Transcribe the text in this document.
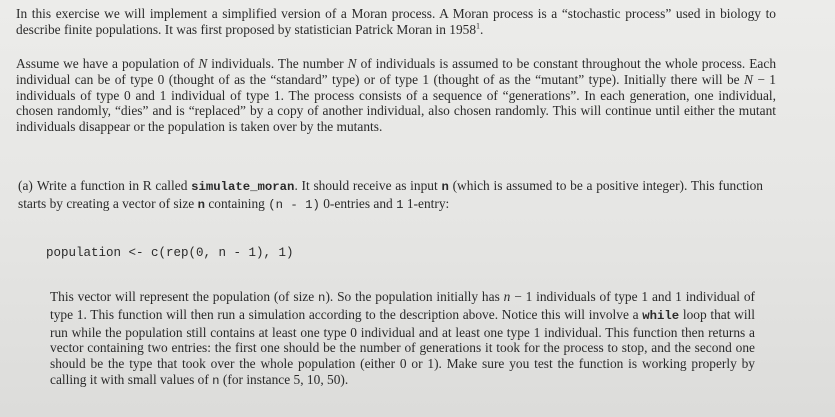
In this exercise we will implement a simplified version of a Moran process. A Moran process is a “stochastic process” used in biology to describe finite populations. It was first proposed by statistician Patrick Moran in 1958$^1$.

Assume we have a population of N individuals. The number N of individuals is assumed to be constant throughout the whole process. Each individual can be of type 0 (thought of as the “standard” type) or of type 1 (thought of as the “mutant” type). Initially there will be N − 1 individuals of type 0 and 1 individual of type 1. The process consists of a sequence of “generations”. In each generation, one individual, chosen randomly, “dies” and is “replaced” by a copy of another individual, also chosen randomly. This will continue until either the mutant individuals disappear or the population is taken over by the mutants.

(a) Write a function in R called simulate_moran. It should receive as input n (which is assumed to be a positive integer). This function starts by creating a vector of size n containing (n - 1) 0-entries and 1 1-entry:

population <- c(rep(0, n - 1), 1)

This vector will represent the population (of size n). So the population initially has n − 1 individuals of type 1 and 1 individual of type 1. This function will then run a simulation according to the description above. Notice this will involve a while loop that will run while the population still contains at least one type 0 individual and at least one type 1 individual. This function then returns a vector containing two entries: the first one should be the number of generations it took for the process to stop, and the second one should be the type that took over the whole population (either 0 or 1). Make sure you test the function is working properly by calling it with small values of n (for instance 5, 10, 50).
